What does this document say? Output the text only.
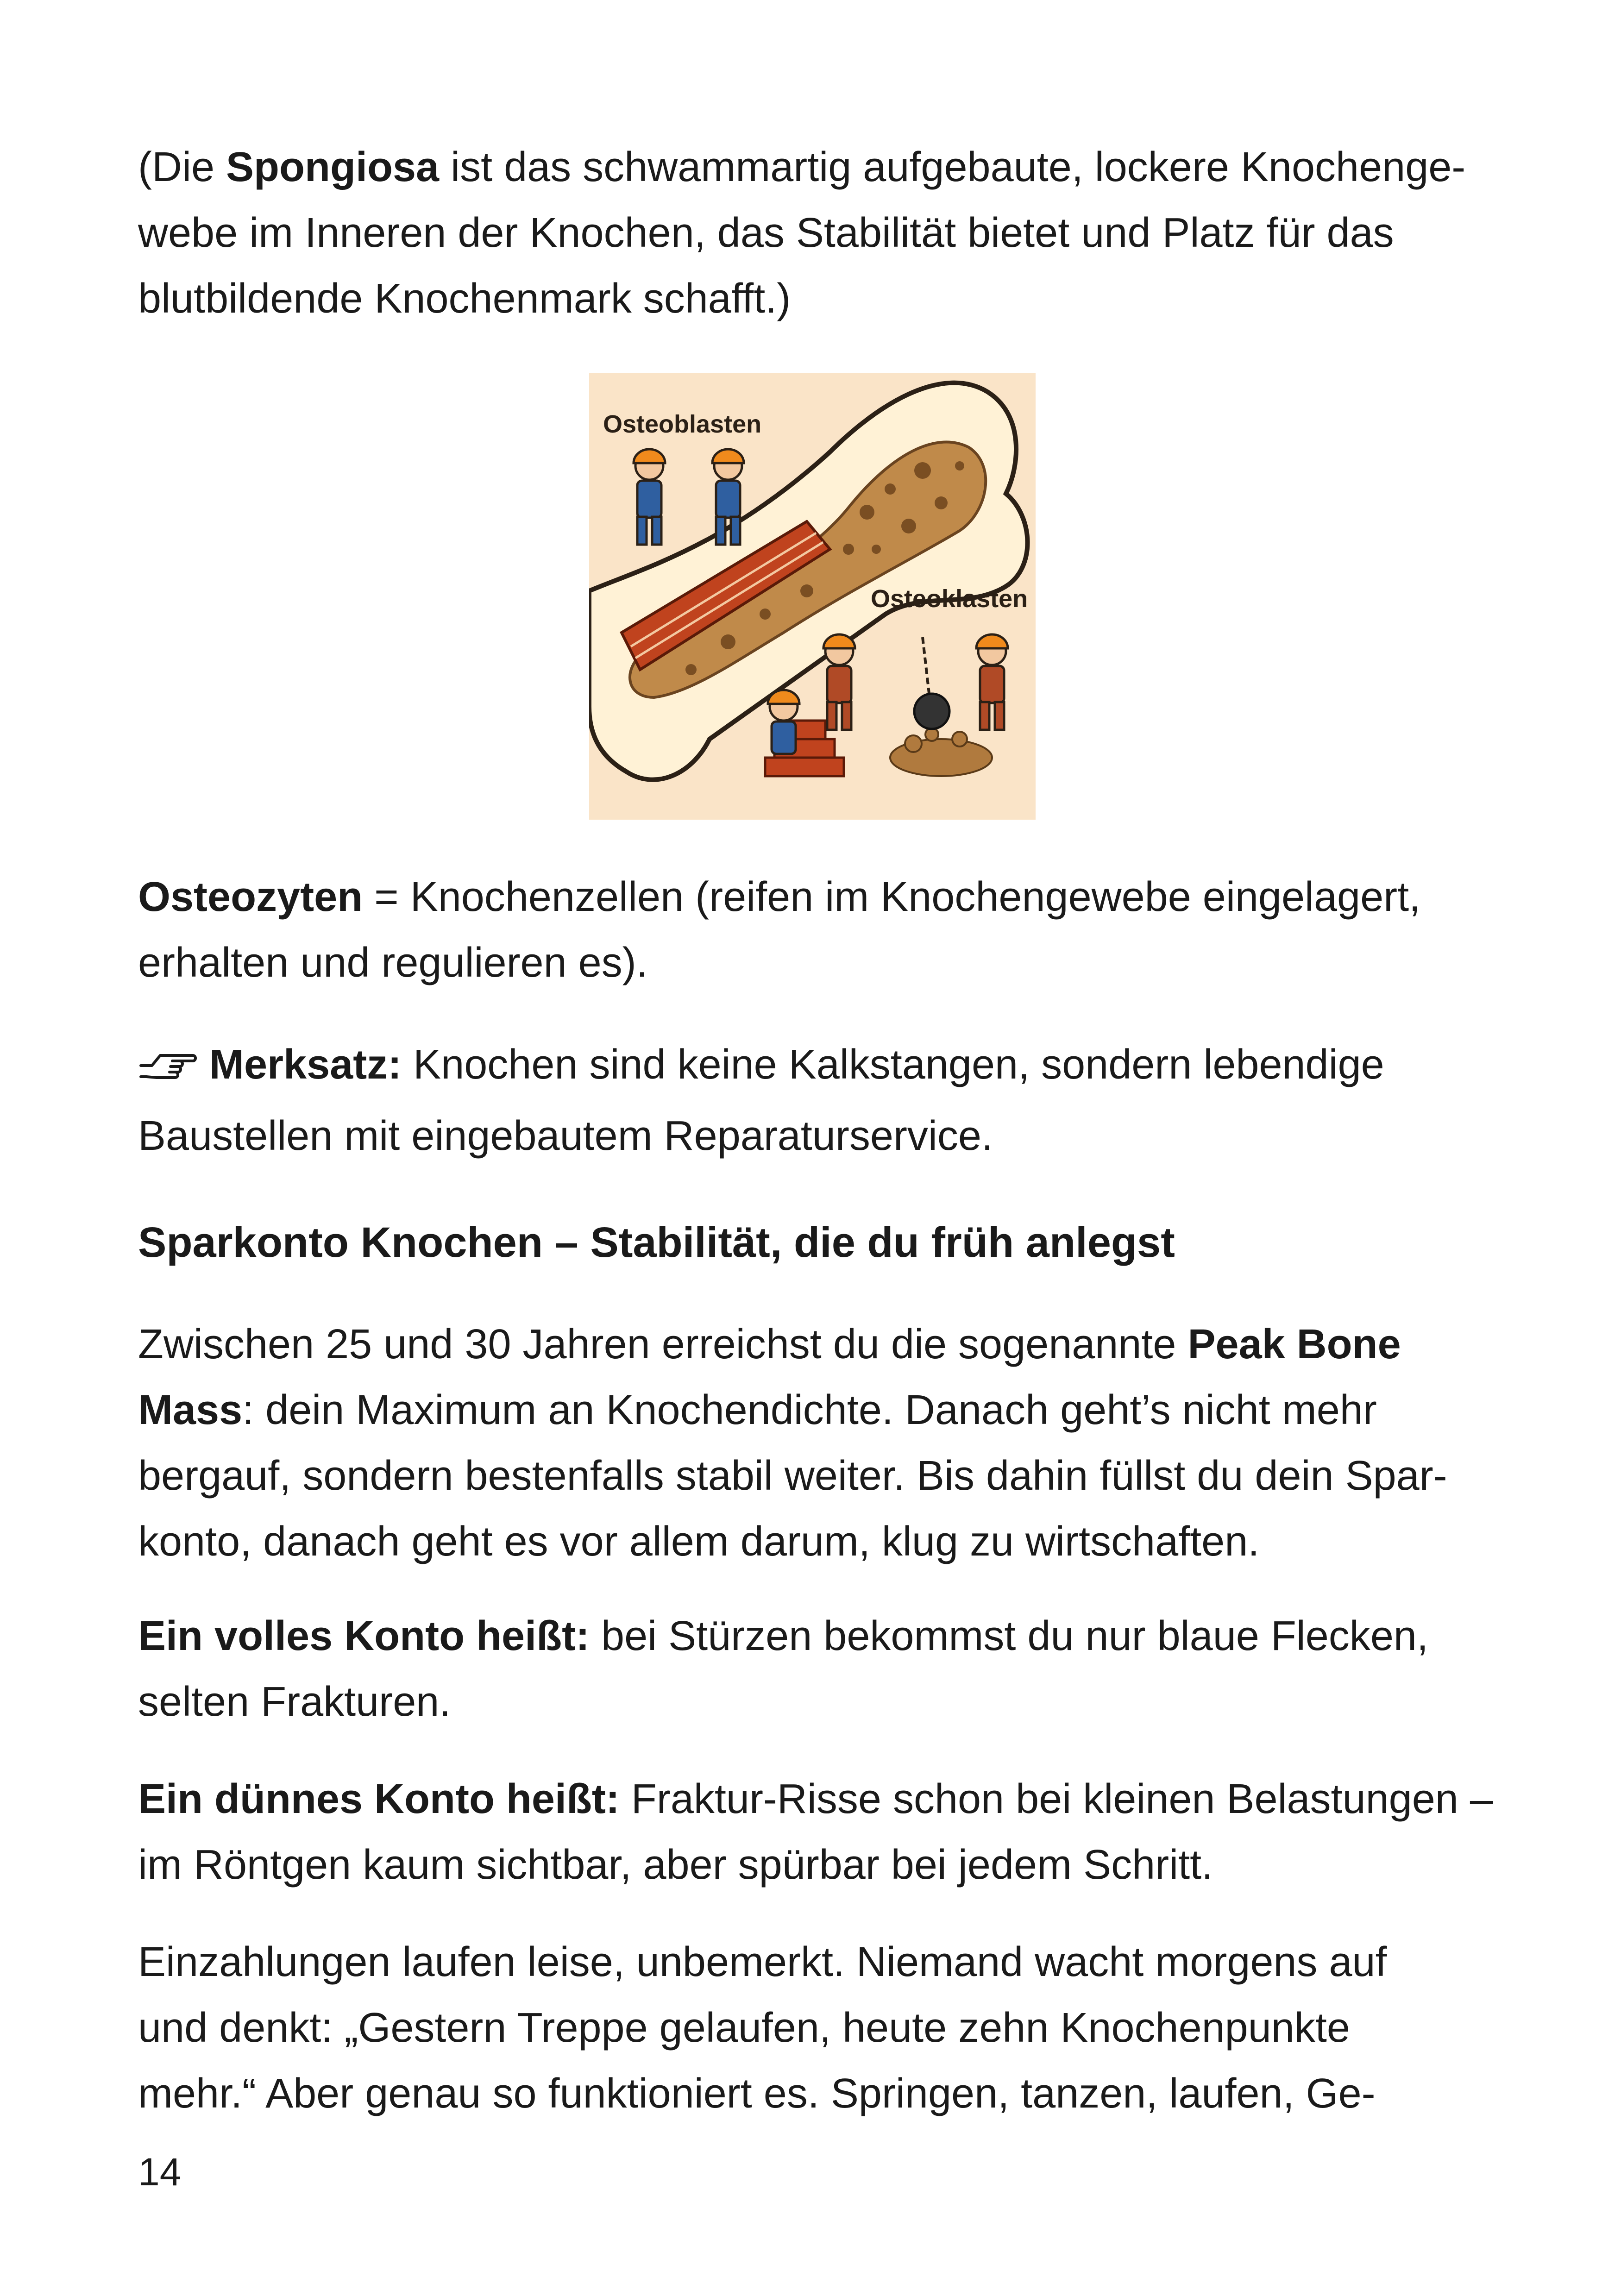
(Die Spongiosa ist das schwammartig aufgebaute, lockere Knochenge-
webe im Inneren der Knochen, das Stabilität bietet und Platz für das
blutbildende Knochenmark schafft.)

Osteoblasten
Osteoklasten

Osteozyten = Knochenzellen (reifen im Knochengewebe eingelagert,
erhalten und regulieren es).

Merksatz: Knochen sind keine Kalkstangen, sondern lebendige
Baustellen mit eingebautem Reparaturservice.

Sparkonto Knochen – Stabilität, die du früh anlegst

Zwischen 25 und 30 Jahren erreichst du die sogenannte Peak Bone
Mass: dein Maximum an Knochendichte. Danach geht’s nicht mehr
bergauf, sondern bestenfalls stabil weiter. Bis dahin füllst du dein Spar-
konto, danach geht es vor allem darum, klug zu wirtschaften.

Ein volles Konto heißt: bei Stürzen bekommst du nur blaue Flecken,
selten Frakturen.

Ein dünnes Konto heißt: Fraktur-Risse schon bei kleinen Belastungen –
im Röntgen kaum sichtbar, aber spürbar bei jedem Schritt.

Einzahlungen laufen leise, unbemerkt. Niemand wacht morgens auf
und denkt: „Gestern Treppe gelaufen, heute zehn Knochenpunkte
mehr.“ Aber genau so funktioniert es. Springen, tanzen, laufen, Ge-

14
